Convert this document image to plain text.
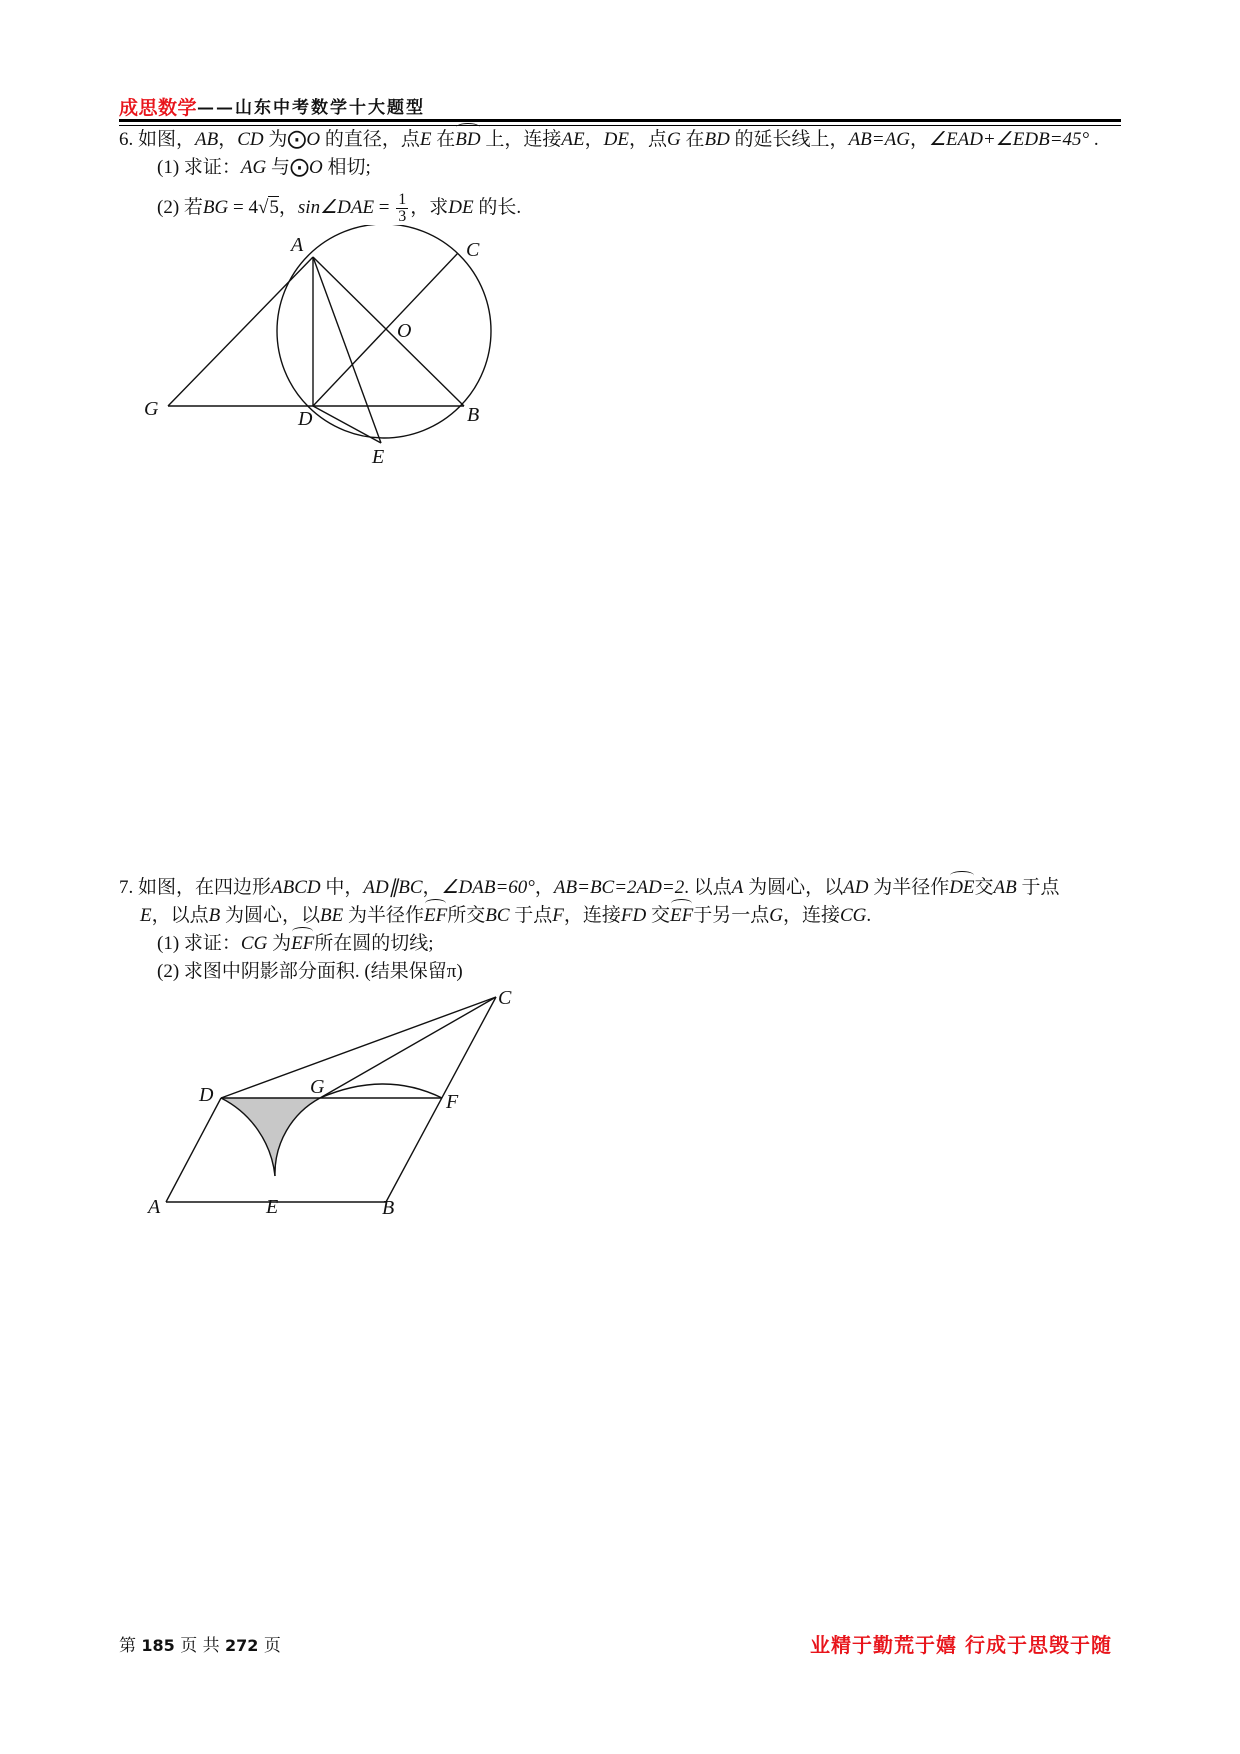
成思数学 ——山东中考数学十大题型
6. 如图，AB，CD 为⨀O 的直径，点E 在BD 上，连接AE，DE，点G 在BD 的延长线上，AB=AG，∠EAD+∠EDB=45° .
(1) 求证：AG 与⨀O 相切;
(2) 若BG = 4√5，sin∠DAE = $\frac{1}{3}$ ，求DE 的长.
A	C
O
G	D	B
E
7. 如图，在四边形ABCD 中，AD∥BC，∠DAB=60°，AB=BC=2AD=2. 以点A 为圆心，以AD 为半径作DE交AB 于点
E，以点B 为圆心，以BE 为半径作EF所交BC 于点F，连接FD 交EF于另一点G，连接CG.
(1) 求证：CG 为EF所在圆的切线;
(2) 求图中阴影部分面积. (结果保留π)
A	E	B
D	G
F
C
第 185 页 共 272 页	业精于勤荒于嬉 行成于思毁于随
